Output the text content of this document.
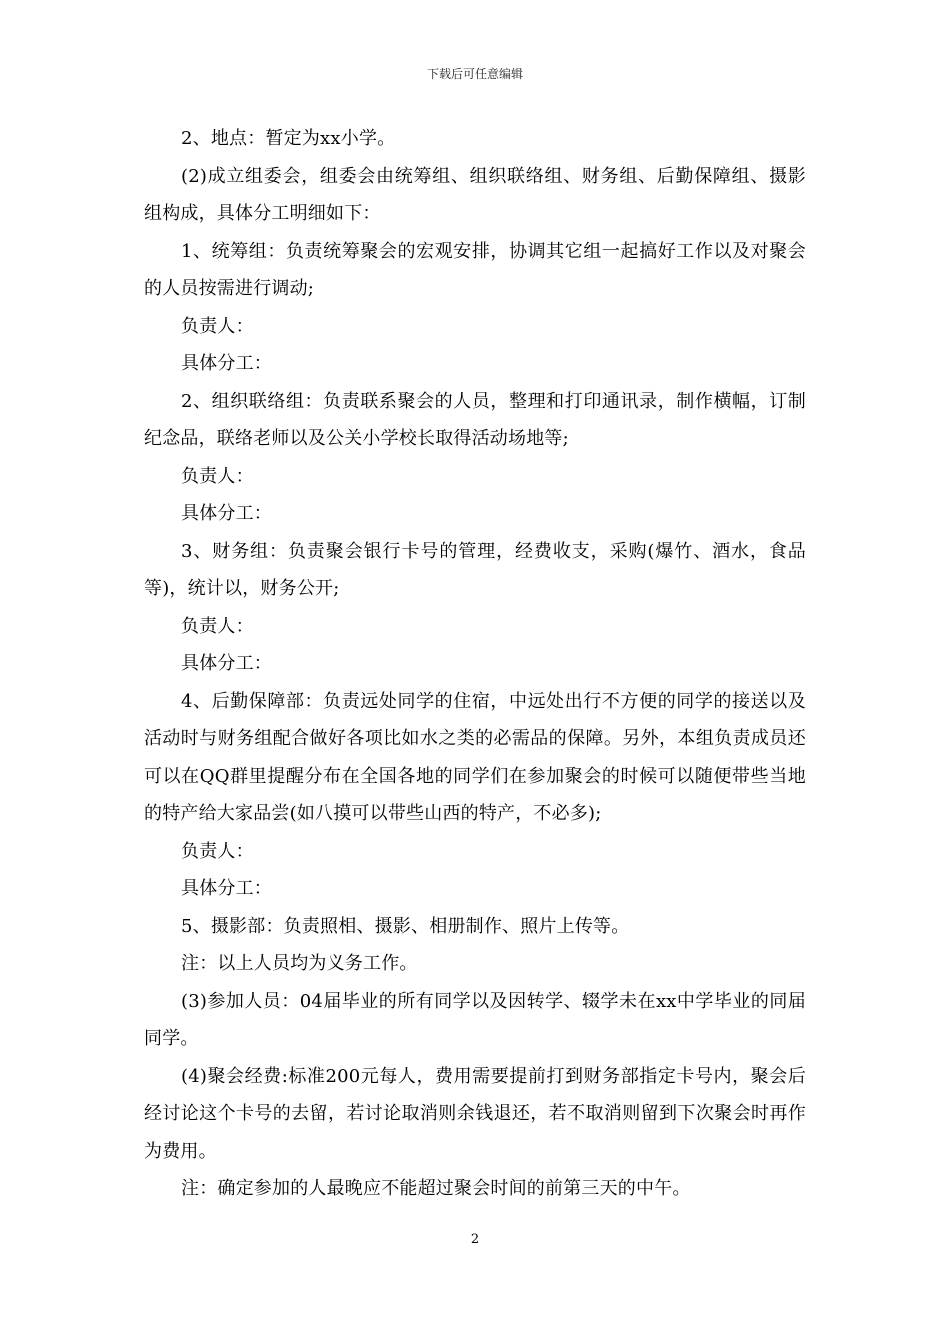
下载后可任意编辑

2、地点：暂定为xx小学。

(2)成立组委会，组委会由统筹组、组织联络组、财务组、后勤保障组、摄影组构成，具体分工明细如下：

1、统筹组：负责统筹聚会的宏观安排，协调其它组一起搞好工作以及对聚会的人员按需进行调动;

负责人：

具体分工：

2、组织联络组：负责联系聚会的人员，整理和打印通讯录，制作横幅，订制纪念品，联络老师以及公关小学校长取得活动场地等;

负责人：

具体分工：

3、财务组：负责聚会银行卡号的管理，经费收支，采购(爆竹、酒水，食品等)，统计以，财务公开;

负责人：

具体分工：

4、后勤保障部：负责远处同学的住宿，中远处出行不方便的同学的接送以及活动时与财务组配合做好各项比如水之类的必需品的保障。另外，本组负责成员还可以在QQ群里提醒分布在全国各地的同学们在参加聚会的时候可以随便带些当地的特产给大家品尝(如八摸可以带些山西的特产，不必多);

负责人：

具体分工：

5、摄影部：负责照相、摄影、相册制作、照片上传等。

注：以上人员均为义务工作。

(3)参加人员：04届毕业的所有同学以及因转学、辍学未在xx中学毕业的同届同学。

(4)聚会经费:标准200元每人，费用需要提前打到财务部指定卡号内，聚会后经讨论这个卡号的去留，若讨论取消则余钱退还，若不取消则留到下次聚会时再作为费用。

注：确定参加的人最晚应不能超过聚会时间的前第三天的中午。

2
